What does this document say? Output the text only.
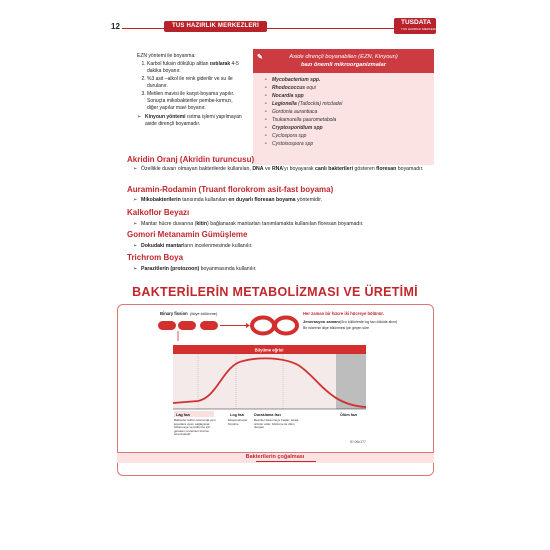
12	TUS HAZIRLIK MERKEZLERİ	TUSDATA
TUS HAZIRLIK MERKEZLERİ

EZN yöntemi ile boyanma:

1. Karbol fuksin dökülüp alttan ısıtılarak 4-5 dakika boyanır.
2. %3 asit –alkol ile renk giderilir ve su ile durulanır.
3. Metilen mavisi ile karşıt-boyama yapılır. Sonuçta mikobakteriler pembe-kırmızı, diğer yapılar mavi boyanır.

➢ Kinyoun yöntemi ısıtma işlemi yapılmayan aside dirençli boyamadır.

Aside dirençli boyanabilen (EZN, Kinyoun)
bazı önemli mikroorganizmalar
✎
• Mycobacterium spp.
• Rhodococcus equi
• Nocardia spp
• Legionella (Tatlockia) micdadei
• Gordonia aurantiaca
• Tsukamurella paurometabola
• Cryptosporidium spp
• Cyclospora spp
• Cystoisospora spp
Akridin Oranj (Akridin turuncusu)
➢ Özellikle duvarı olmayan bakterilerde kullanılan, DNA ve RNA'yı boyayarak canlı bakterileri gösteren floresan boyamadır.
Auramin-Rodamin (Truant florokrom asit-fast boyama)
➢ Mikobakterilerin tanısında kullanılan en duyarlı floresan boyama yöntemidir.
Kalkoflor Beyazı
➢ Mantar hücre duvarına (kitin) bağlanarak mantarları tanımlamakta kullanılan floresan boyamadır.
Gomori Metanamin Gümüşleme
➢ Dokudaki mantarların incelenmesinde kullanılır.
Trichrom Boya
➢ Parazitlerin (protozoon) boyanmasında kullanılır.
BAKTERİLERİN METABOLİZMASI VE ÜRETİMİ
Binary fission (İkiye bölünme)	Her zaman bir hücre iki hücreye bölünür.
Jenerasyon zamanı (Sıvı kültürlerde log fazı döküde alınır)
Bir hücrenin ikiye bölünmesi için geçen süre
Büyüme eğrisi
Lag fazı	Log fazı	Duraklama fazı	Ölüm fazı
Bakteriler kültür ortamında yeni koşullara uyum sağlayarak bölünmeye ve bölünme için gereken proteinleri üretme sürecindedir.
Eksponansiyel büyüme
Besinler tükenmeye başlar, toksik ürünler artar; bölünme ile ölüm dengeli
ID 06c177
Bakterilerin çoğalması
